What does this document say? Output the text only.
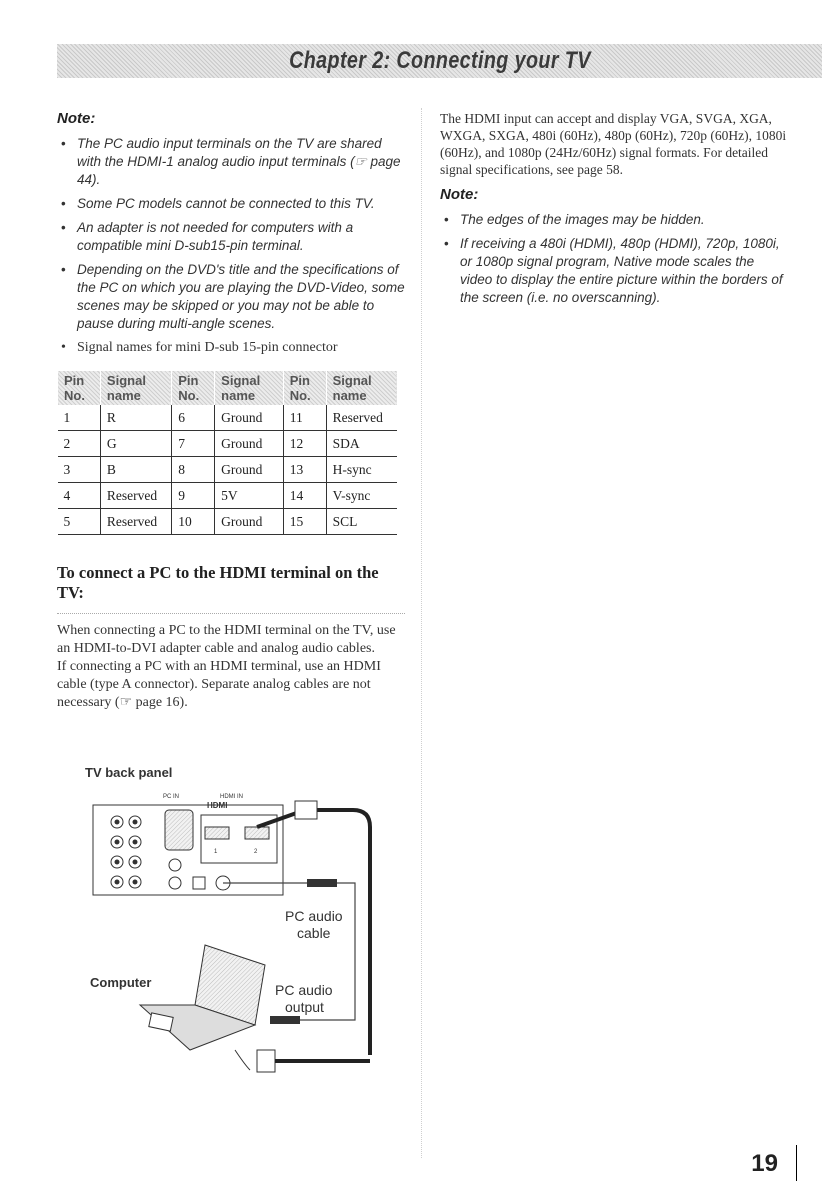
Chapter 2: Connecting your TV
Note:
• The PC audio input terminals on the TV are shared with the HDMI-1 analog audio input terminals (☞ page 44).
• Some PC models cannot be connected to this TV.
• An adapter is not needed for computers with a compatible mini D-sub15-pin terminal.
• Depending on the DVD's title and the specifications of the PC on which you are playing the DVD-Video, some scenes may be skipped or you may not be able to pause during multi-angle scenes.
• Signal names for mini D-sub 15-pin connector
Pin No.	Signal name	Pin No.	Signal name	Pin No.	Signal name
1	R	6	Ground	11	Reserved
2	G	7	Ground	12	SDA
3	B	8	Ground	13	H-sync
4	Reserved	9	5V	14	V-sync
5	Reserved	10	Ground	15	SCL
To connect a PC to the HDMI terminal on the TV:

When connecting a PC to the HDMI terminal on the TV, use an HDMI-to-DVI adapter cable and analog audio cables.

If connecting a PC with an HDMI terminal, use an HDMI cable (type A connector). Separate analog cables are not necessary (☞ page 16).

TV back panel
PC IN	HDMI IN
HDMI
1	2
PC audio
cable
Computer	PC audio
output

The HDMI input can accept and display VGA, SVGA, XGA, WXGA, SXGA, 480i (60Hz), 480p (60Hz), 720p (60Hz), 1080i (60Hz), and 1080p (24Hz/60Hz) signal formats. For detailed signal specifications, see page 58.

Note:
• The edges of the images may be hidden.
• If receiving a 480i (HDMI), 480p (HDMI), 720p, 1080i, or 1080p signal program, Native mode scales the video to display the entire picture within the borders of the screen (i.e. no overscanning).
19
